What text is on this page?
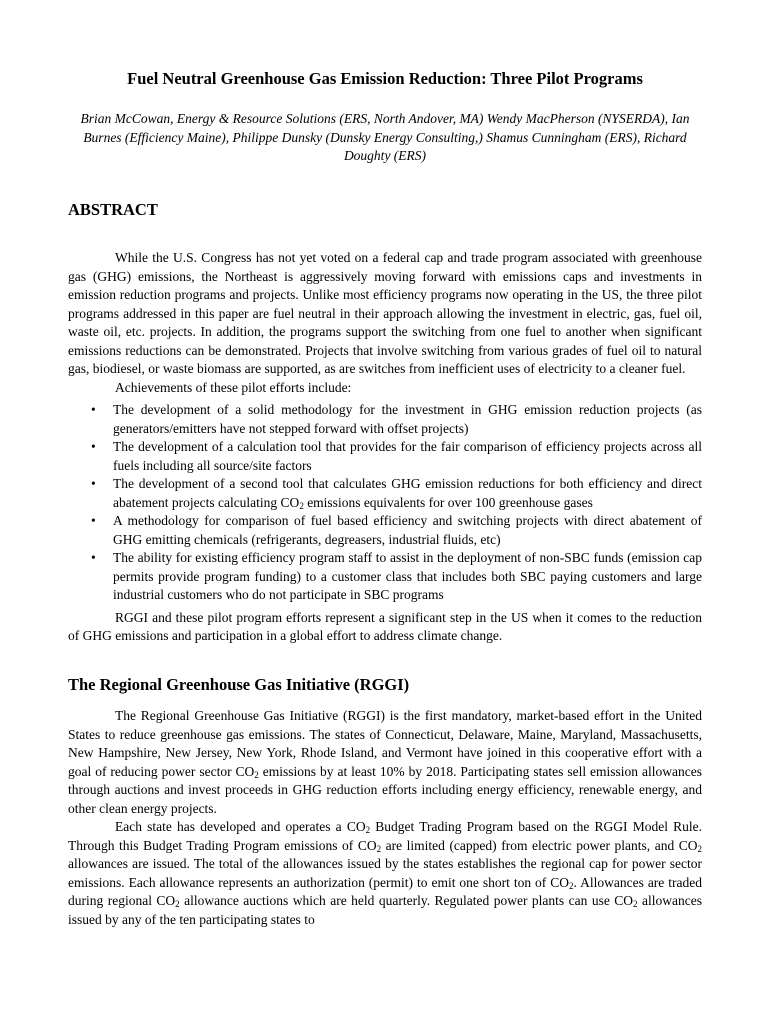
Fuel Neutral Greenhouse Gas Emission Reduction: Three Pilot Programs

Brian McCowan, Energy & Resource Solutions (ERS, North Andover, MA) Wendy MacPherson (NYSERDA), Ian Burnes (Efficiency Maine), Philippe Dunsky (Dunsky Energy Consulting,) Shamus Cunningham (ERS), Richard Doughty (ERS)

ABSTRACT

While the U.S. Congress has not yet voted on a federal cap and trade program associated with greenhouse gas (GHG) emissions, the Northeast is aggressively moving forward with emissions caps and investments in emission reduction programs and projects. Unlike most efficiency programs now operating in the US, the three pilot programs addressed in this paper are fuel neutral in their approach allowing the investment in electric, gas, fuel oil, waste oil, etc. projects. In addition, the programs support the switching from one fuel to another when significant emissions reductions can be demonstrated. Projects that involve switching from various grades of fuel oil to natural gas, biodiesel, or waste biomass are supported, as are switches from inefficient uses of electricity to a cleaner fuel.

Achievements of these pilot efforts include:

• The development of a solid methodology for the investment in GHG emission reduction projects (as generators/emitters have not stepped forward with offset projects)
• The development of a calculation tool that provides for the fair comparison of efficiency projects across all fuels including all source/site factors
• The development of a second tool that calculates GHG emission reductions for both efficiency and direct abatement projects calculating $CO_2$ emissions equivalents for over 100 greenhouse gases
• A methodology for comparison of fuel based efficiency and switching projects with direct abatement of GHG emitting chemicals (refrigerants, degreasers, industrial fluids, etc)
• The ability for existing efficiency program staff to assist in the deployment of non-SBC funds (emission cap permits provide program funding) to a customer class that includes both SBC paying customers and large industrial customers who do not participate in SBC programs

RGGI and these pilot program efforts represent a significant step in the US when it comes to the reduction of GHG emissions and participation in a global effort to address climate change.

The Regional Greenhouse Gas Initiative (RGGI)

The Regional Greenhouse Gas Initiative (RGGI) is the first mandatory, market-based effort in the United States to reduce greenhouse gas emissions. The states of Connecticut, Delaware, Maine, Maryland, Massachusetts, New Hampshire, New Jersey, New York, Rhode Island, and Vermont have joined in this cooperative effort with a goal of reducing power sector $CO_2$ emissions by at least 10% by 2018. Participating states sell emission allowances through auctions and invest proceeds in GHG reduction efforts including energy efficiency, renewable energy, and other clean energy projects.

Each state has developed and operates a $CO_2$ Budget Trading Program based on the RGGI Model Rule. Through this Budget Trading Program emissions of $CO_2$ are limited (capped) from electric power plants, and $CO_2$ allowances are issued. The total of the allowances issued by the states establishes the regional cap for power sector emissions. Each allowance represents an authorization (permit) to emit one short ton of $CO_2$. Allowances are traded during regional $CO_2$ allowance auctions which are held quarterly. Regulated power plants can use $CO_2$ allowances issued by any of the ten participating states to
